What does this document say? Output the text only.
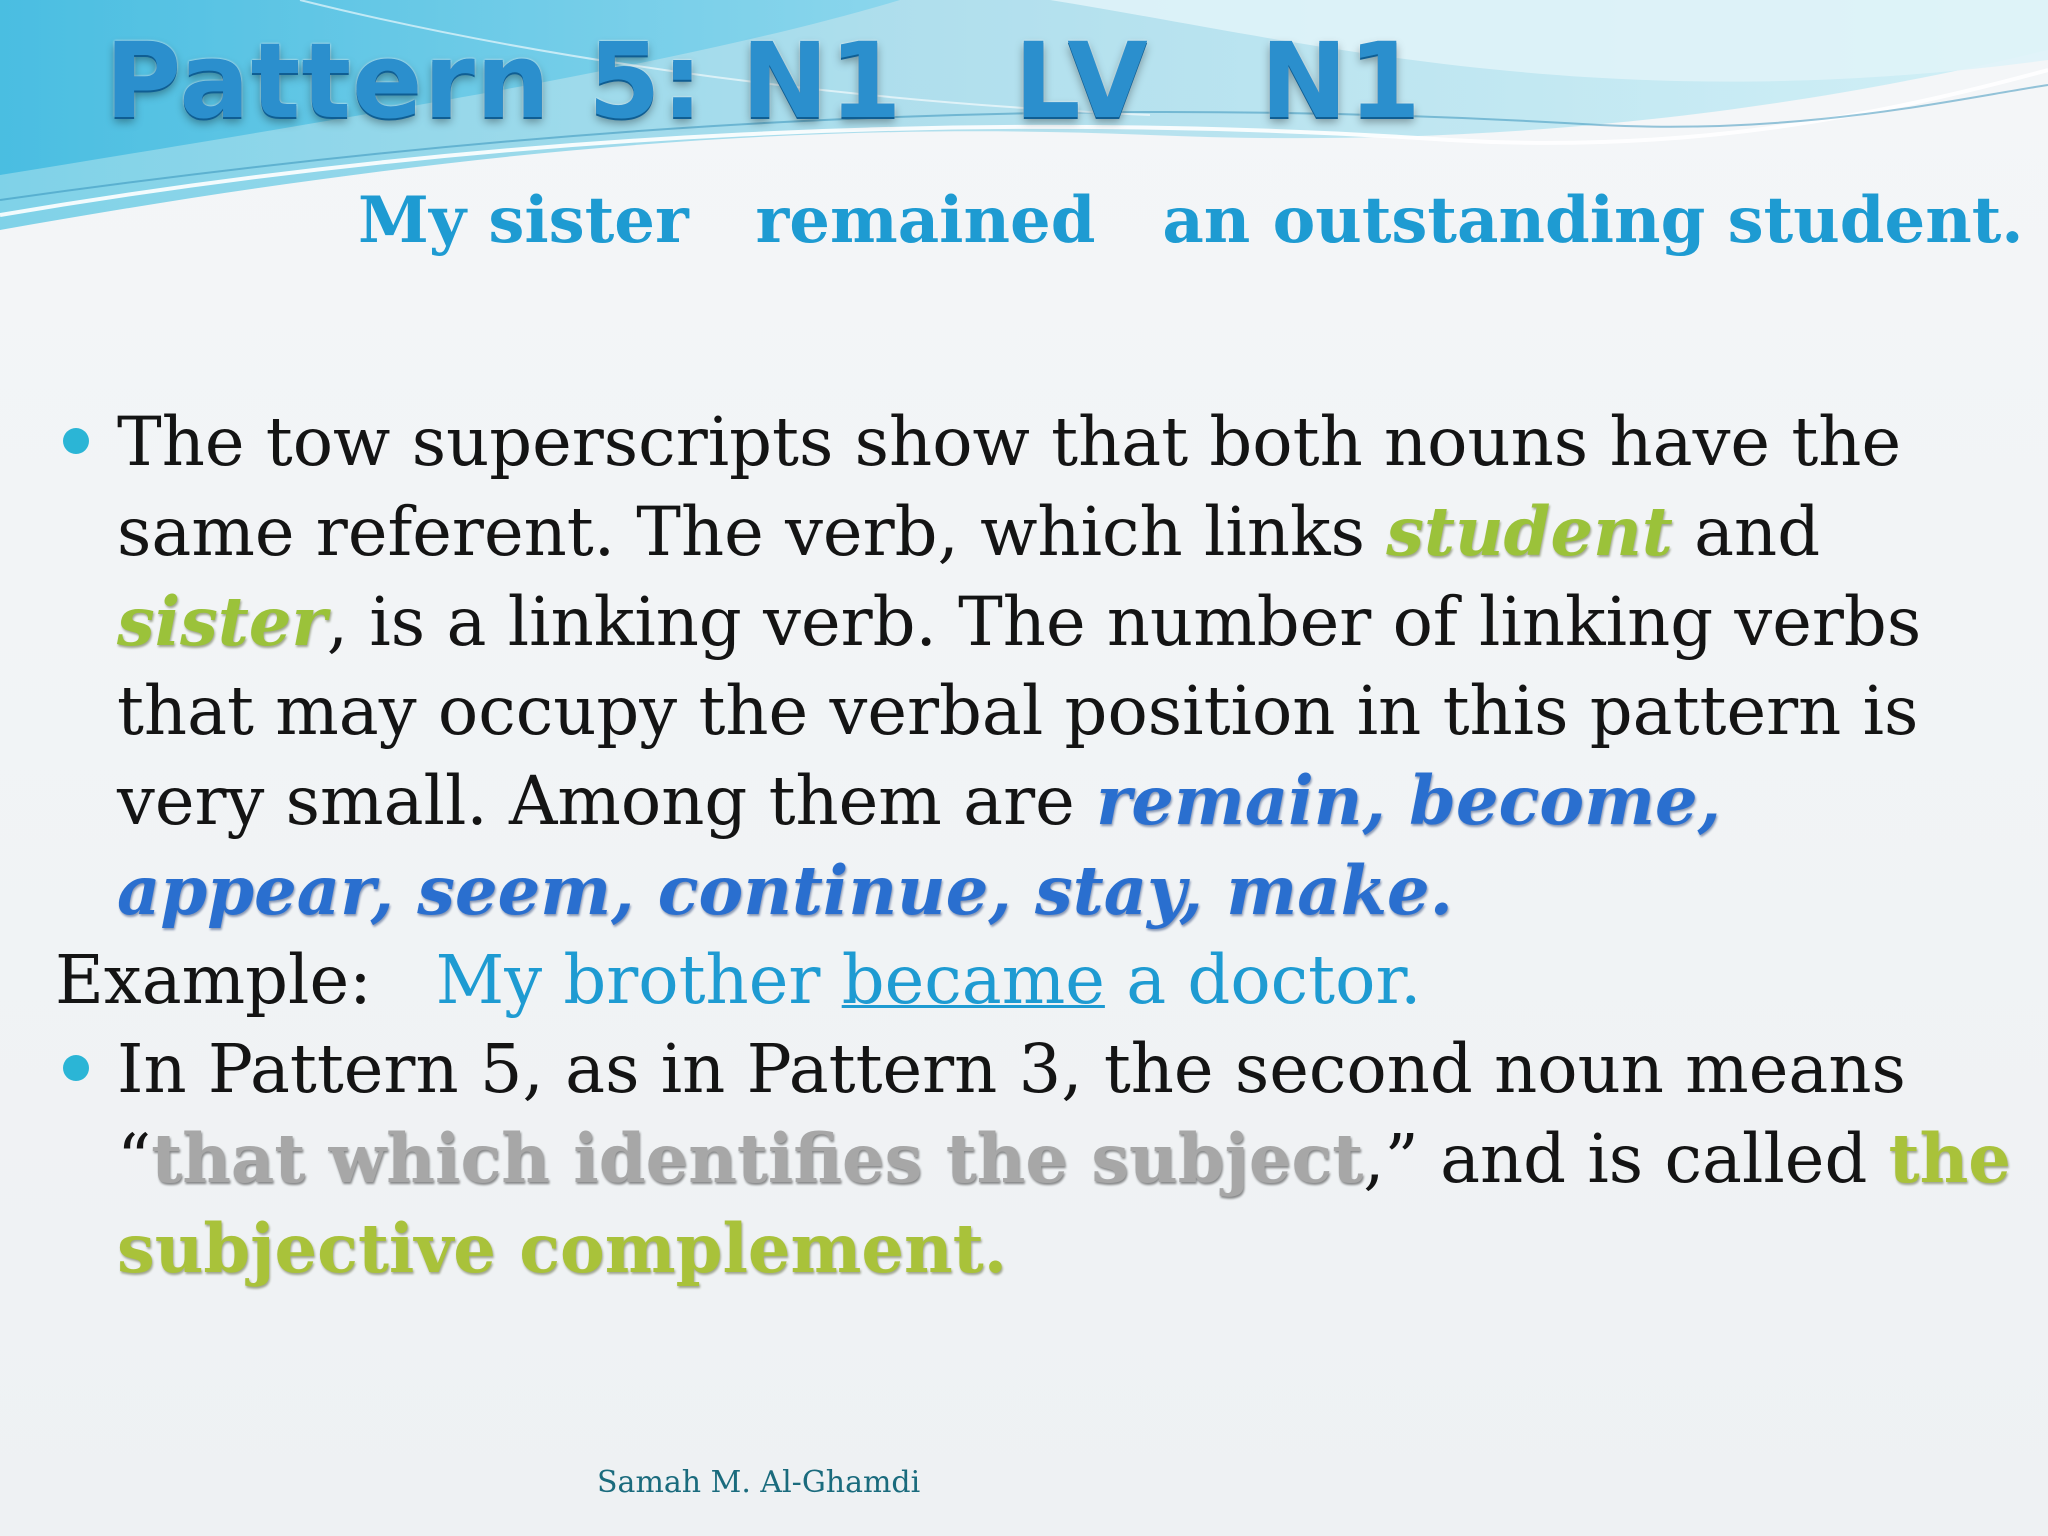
Pattern 5: N1   LV   N1
My sister   remained   an outstanding student.

The tow superscripts show that both nouns have the same referent. The verb, which links student and sister, is a linking verb. The number of linking verbs that may occupy the verbal position in this pattern is very small. Among them are remain, become, appear, seem, continue, stay, make.

Example: My brother became a doctor.

In Pattern 5, as in Pattern 3, the second noun means “that which identifies the subject,” and is called the subjective complement.

Samah M. Al-Ghamdi
